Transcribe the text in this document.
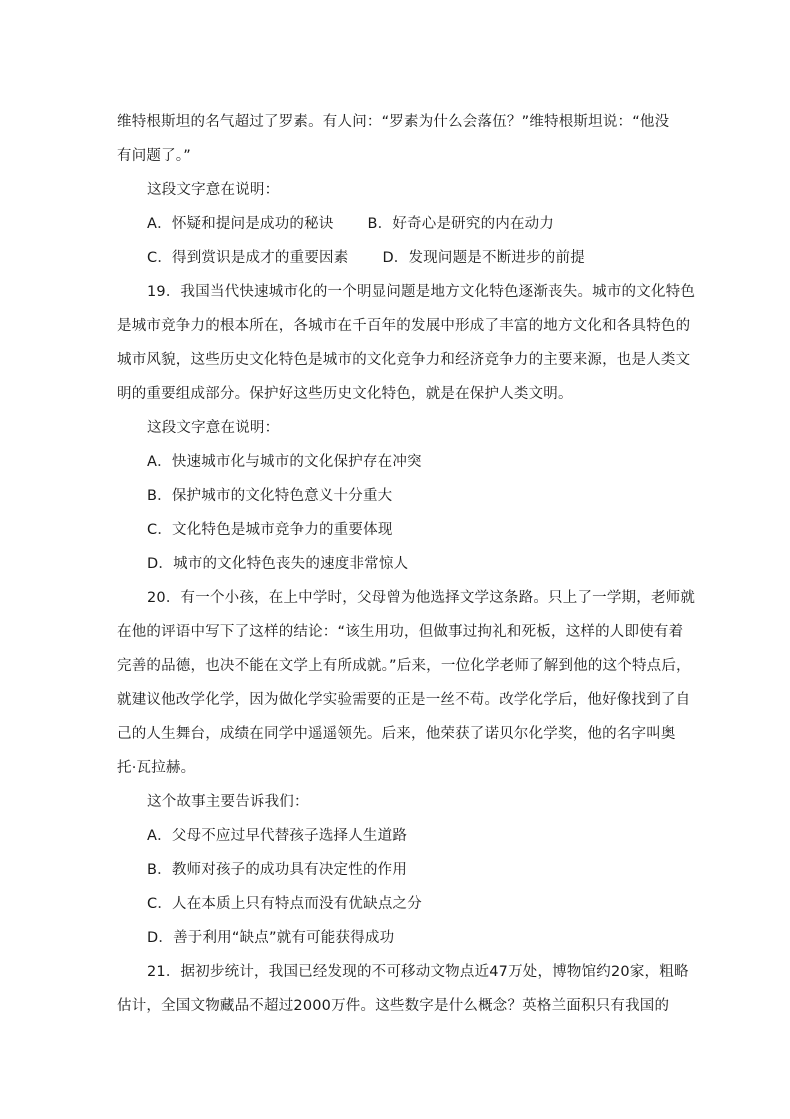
维特根斯坦的名气超过了罗素。有人问：“罗素为什么会落伍？”维特根斯坦说：“他没
有问题了。”
这段文字意在说明：
A．怀疑和提问是成功的秘诀 B．好奇心是研究的内在动力
C．得到赏识是成才的重要因素 D．发现问题是不断进步的前提
19．我国当代快速城市化的一个明显问题是地方文化特色逐渐丧失。城市的文化特色
是城市竞争力的根本所在，各城市在千百年的发展中形成了丰富的地方文化和各具特色的
城市风貌，这些历史文化特色是城市的文化竞争力和经济竞争力的主要来源，也是人类文
明的重要组成部分。保护好这些历史文化特色，就是在保护人类文明。
这段文字意在说明：
A．快速城市化与城市的文化保护存在冲突
B．保护城市的文化特色意义十分重大
C．文化特色是城市竞争力的重要体现
D．城市的文化特色丧失的速度非常惊人
20．有一个小孩，在上中学时，父母曾为他选择文学这条路。只上了一学期，老师就
在他的评语中写下了这样的结论：“该生用功，但做事过拘礼和死板，这样的人即使有着
完善的品德，也决不能在文学上有所成就。”后来，一位化学老师了解到他的这个特点后，
就建议他改学化学，因为做化学实验需要的正是一丝不苟。改学化学后，他好像找到了自
己的人生舞台，成绩在同学中遥遥领先。后来，他荣获了诺贝尔化学奖，他的名字叫奥
托·瓦拉赫。
这个故事主要告诉我们：
A．父母不应过早代替孩子选择人生道路
B．教师对孩子的成功具有决定性的作用
C．人在本质上只有特点而没有优缺点之分
D．善于利用“缺点”就有可能获得成功
21．据初步统计，我国已经发现的不可移动文物点近47万处，博物馆约20家，粗略
估计，全国文物藏品不超过2000万件。这些数字是什么概念？英格兰面积只有我国的
